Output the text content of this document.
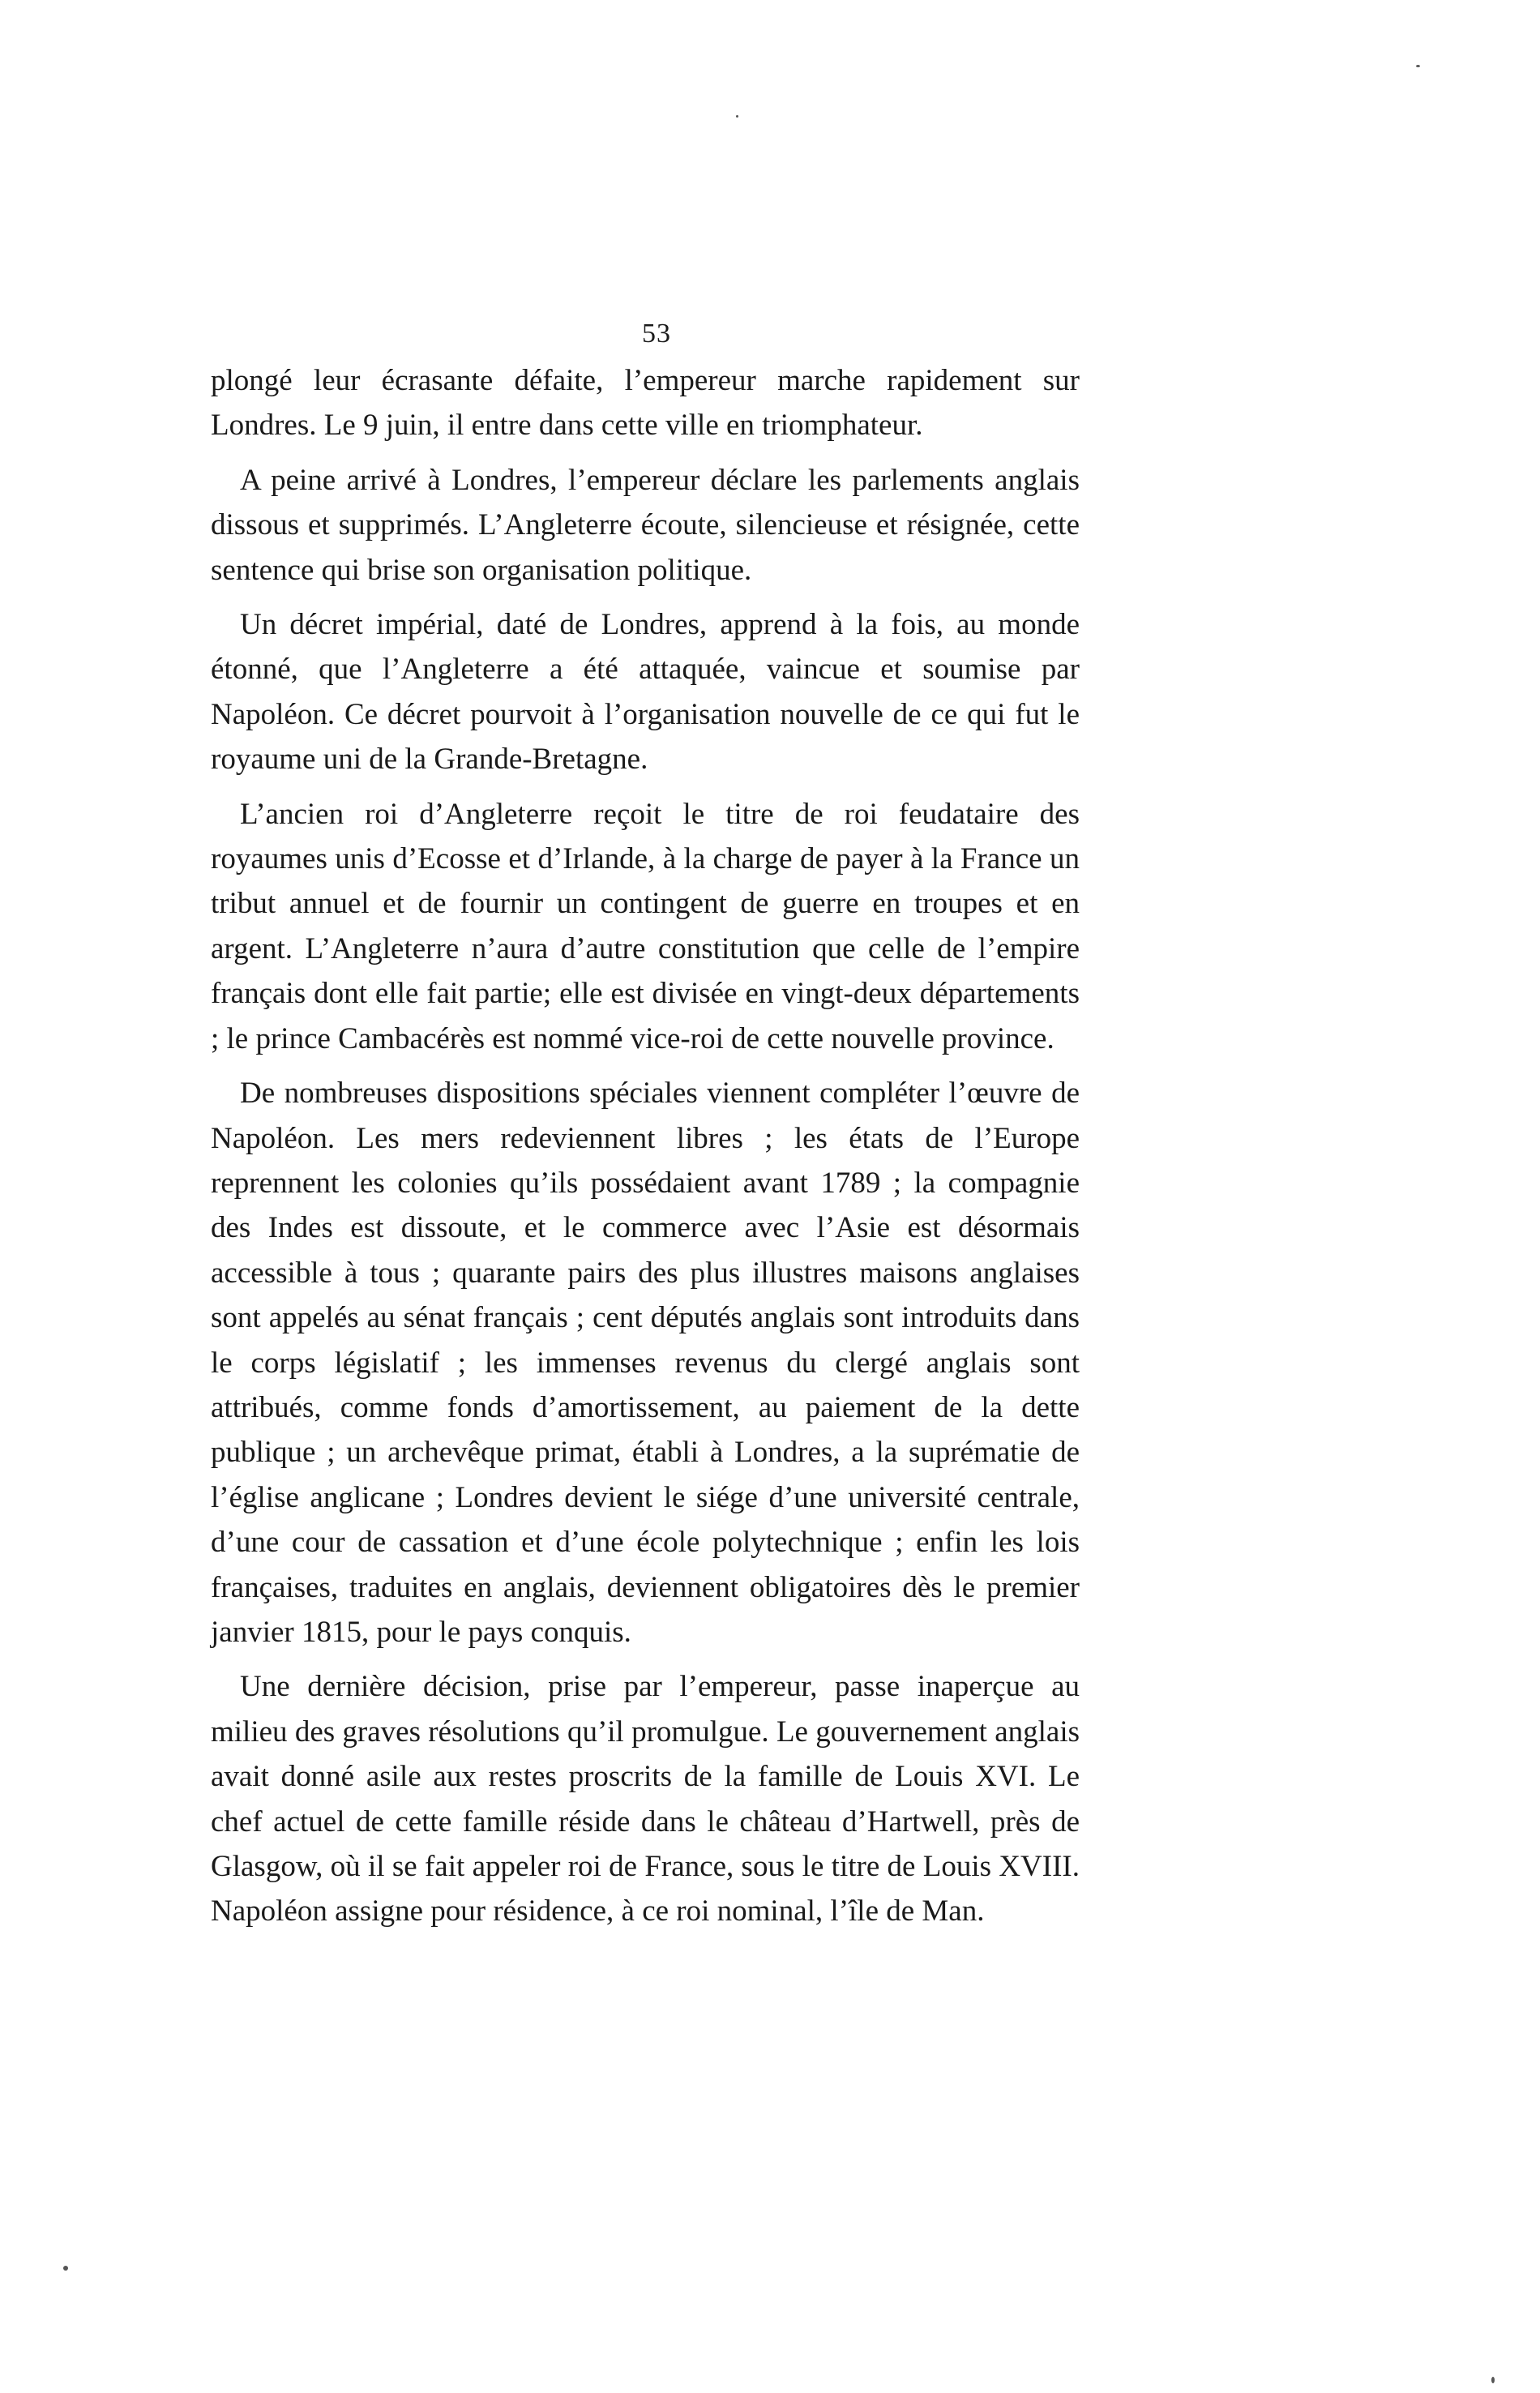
53

plongé leur écrasante défaite, l’empereur marche rapidement sur Londres. Le 9 juin, il entre dans cette ville en triomphateur.

A peine arrivé à Londres, l’empereur déclare les parlements anglais dissous et supprimés. L’Angleterre écoute, silencieuse et résignée, cette sentence qui brise son organisation politique.

Un décret impérial, daté de Londres, apprend à la fois, au monde étonné, que l’Angleterre a été attaquée, vaincue et soumise par Napoléon. Ce décret pourvoit à l’organisation nouvelle de ce qui fut le royaume uni de la Grande-Bretagne.

L’ancien roi d’Angleterre reçoit le titre de roi feudataire des royaumes unis d’Ecosse et d’Irlande, à la charge de payer à la France un tribut annuel et de fournir un contingent de guerre en troupes et en argent. L’Angleterre n’aura d’autre constitution que celle de l’empire français dont elle fait partie; elle est divisée en vingt-deux départements ; le prince Cambacérès est nommé vice-roi de cette nouvelle province.

De nombreuses dispositions spéciales viennent compléter l’œuvre de Napoléon. Les mers redeviennent libres ; les états de l’Europe reprennent les colonies qu’ils possédaient avant 1789 ; la compagnie des Indes est dissoute, et le commerce avec l’Asie est désormais accessible à tous ; quarante pairs des plus illustres maisons anglaises sont appelés au sénat français ; cent députés anglais sont introduits dans le corps législatif ; les immenses revenus du clergé anglais sont attribués, comme fonds d’amortissement, au paiement de la dette publique ; un archevêque primat, établi à Londres, a la suprématie de l’église anglicane ; Londres devient le siége d’une université centrale, d’une cour de cassation et d’une école polytechnique ; enfin les lois françaises, traduites en anglais, deviennent obligatoires dès le premier janvier 1815, pour le pays conquis.

Une dernière décision, prise par l’empereur, passe inaperçue au milieu des graves résolutions qu’il promulgue. Le gouvernement anglais avait donné asile aux restes proscrits de la famille de Louis XVI. Le chef actuel de cette famille réside dans le château d’Hartwell, près de Glasgow, où il se fait appeler roi de France, sous le titre de Louis XVIII. Napoléon assigne pour résidence, à ce roi nominal, l’île de Man.
